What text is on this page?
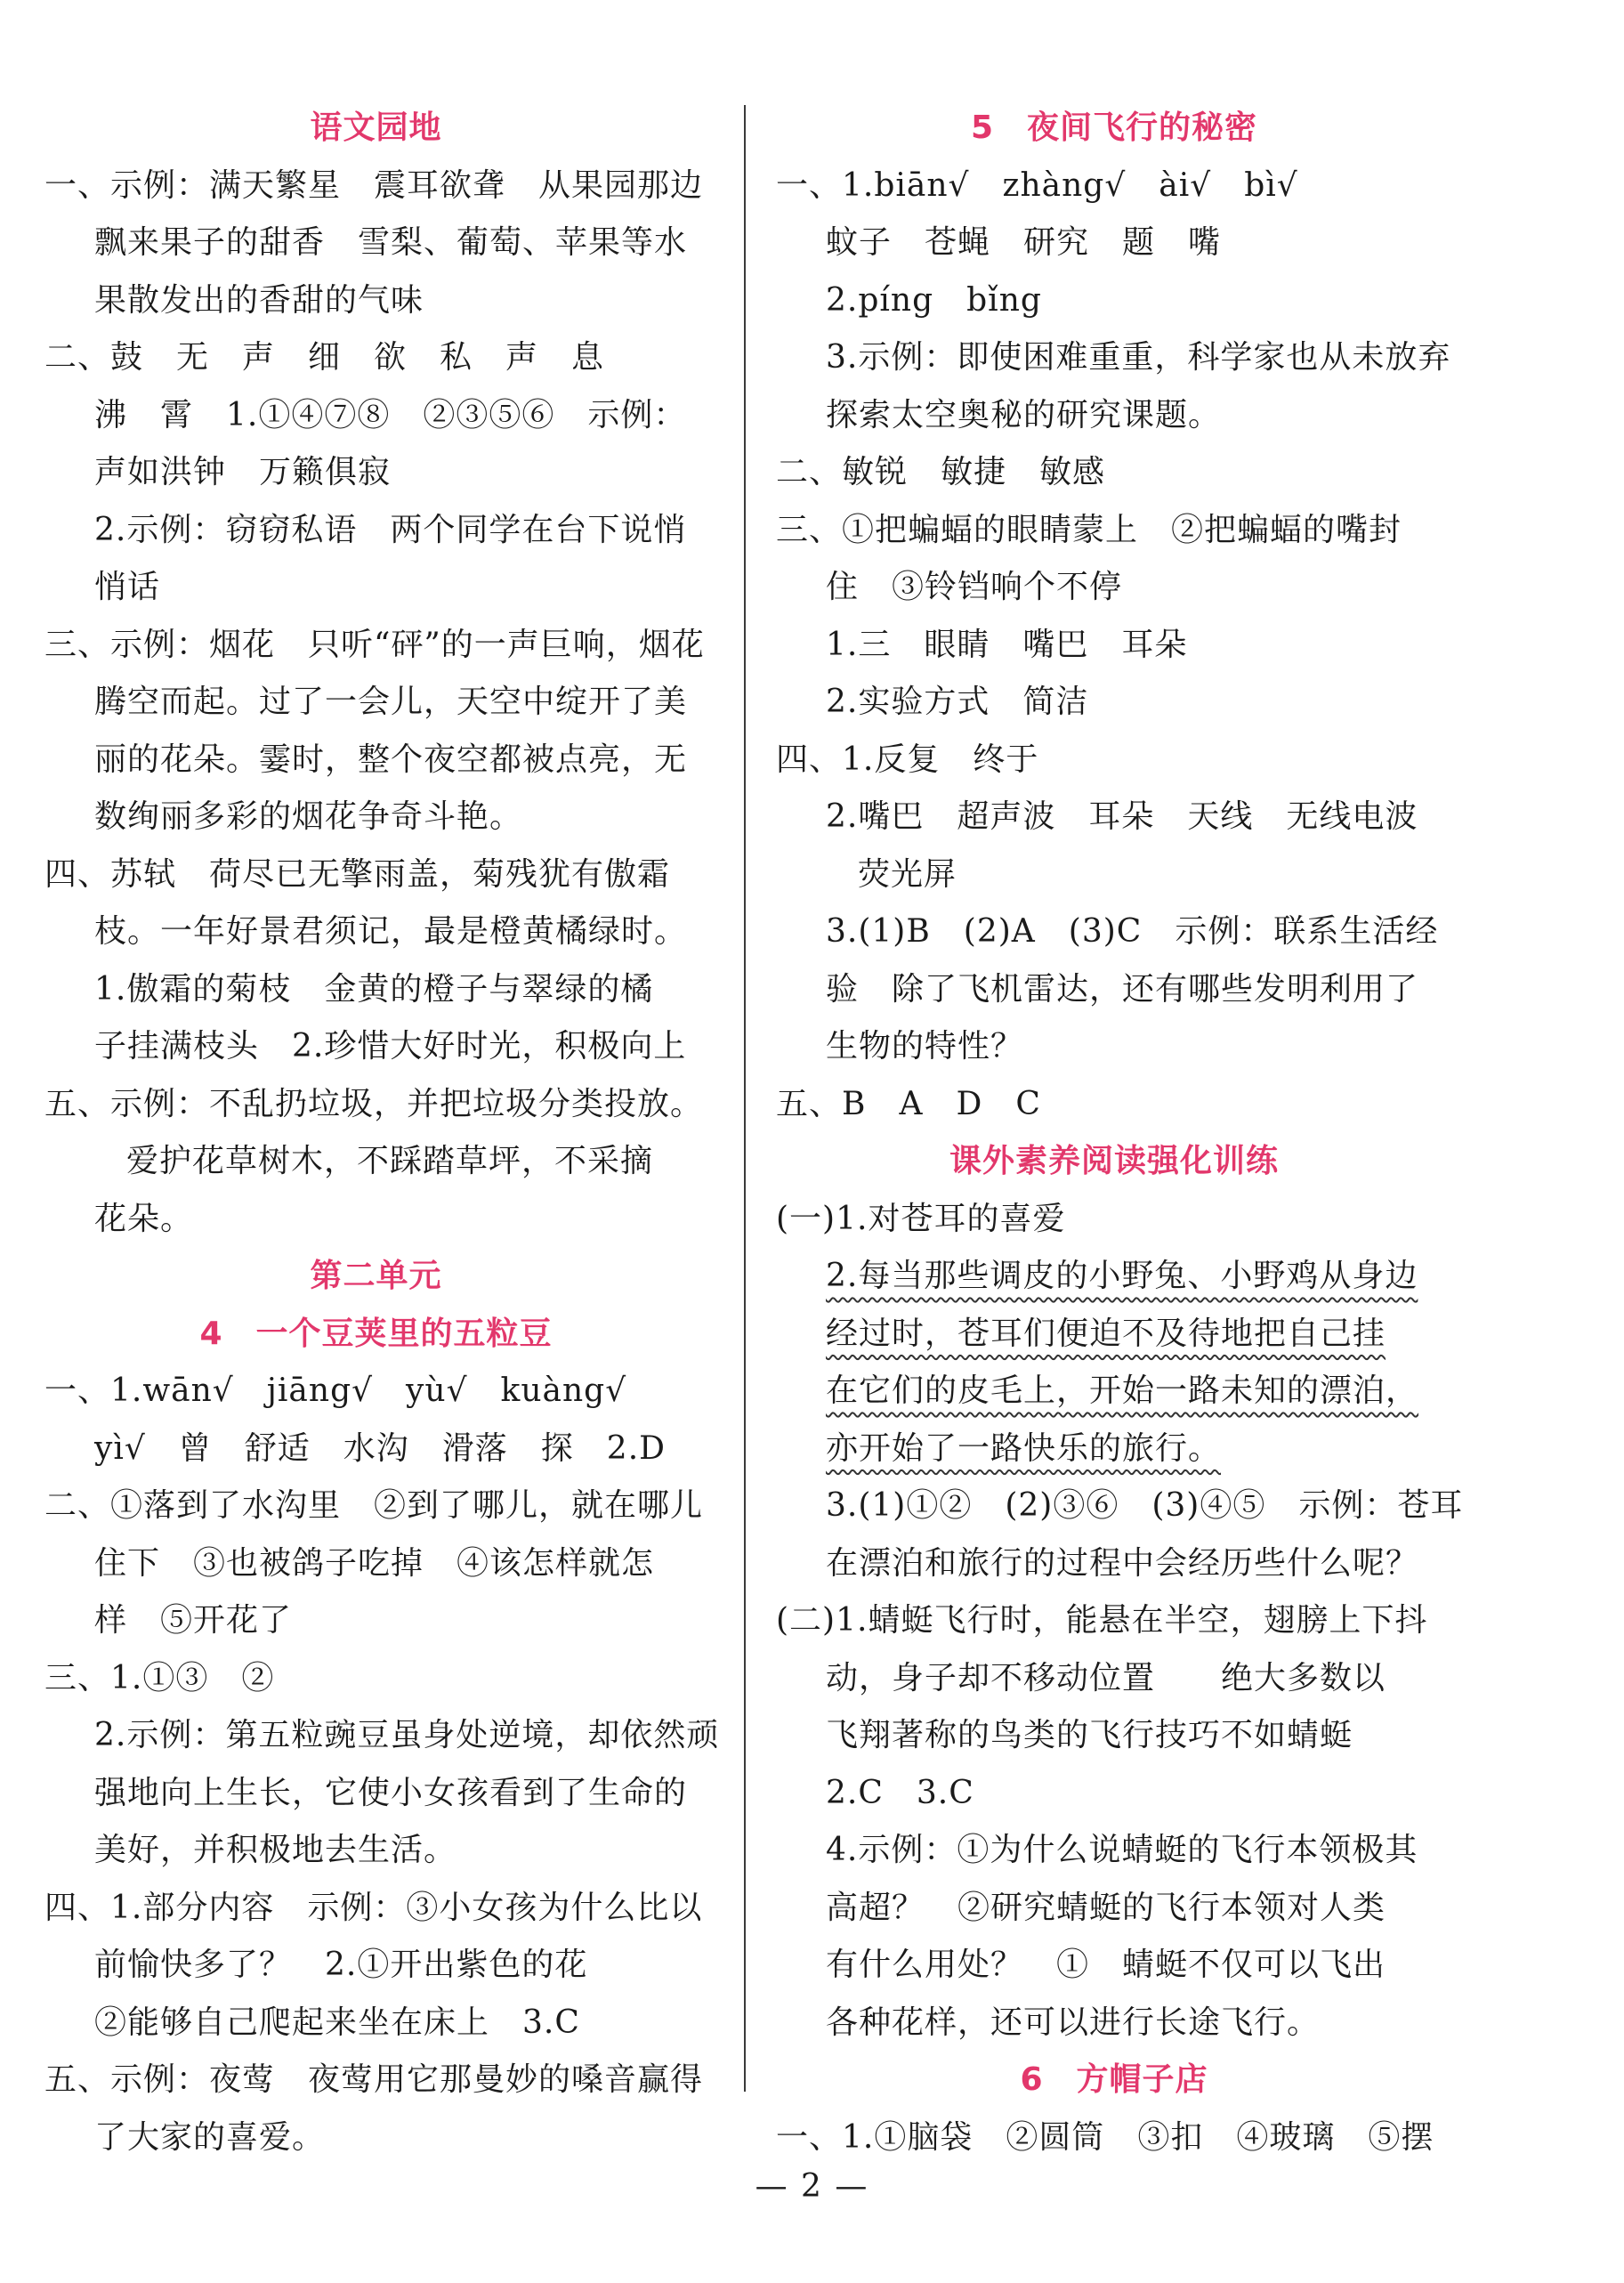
语文园地
一、示例：满天繁星　震耳欲聋　从果园那边
飘来果子的甜香　雪梨、葡萄、苹果等水
果散发出的香甜的气味
二、鼓　无　声　细　欲　私　声　息
沸　霄　1.①④⑦⑧　②③⑤⑥　示例：
声如洪钟　万籁俱寂
2.示例：窃窃私语　两个同学在台下说悄
悄话
三、示例：烟花　只听“砰”的一声巨响，烟花
腾空而起。过了一会儿，天空中绽开了美
丽的花朵。霎时，整个夜空都被点亮，无
数绚丽多彩的烟花争奇斗艳。
四、苏轼　荷尽已无擎雨盖，菊残犹有傲霜
枝。一年好景君须记，最是橙黄橘绿时。
1.傲霜的菊枝　金黄的橙子与翠绿的橘
子挂满枝头　2.珍惜大好时光，积极向上
五、示例：不乱扔垃圾，并把垃圾分类投放。
爱护花草树木，不踩踏草坪，不采摘
花朵。
第二单元
4　一个豆荚里的五粒豆
一、1.wān√　jiāng√　yù√　kuàng√
yì√　曾　舒适　水沟　滑落　探　2.D
二、①落到了水沟里　②到了哪儿，就在哪儿
住下　③也被鸽子吃掉　④该怎样就怎
样　⑤开花了
三、1.①③　②
2.示例：第五粒豌豆虽身处逆境，却依然顽
强地向上生长，它使小女孩看到了生命的
美好，并积极地去生活。
四、1.部分内容　示例：③小女孩为什么比以
前愉快多了？　2.①开出紫色的花
②能够自己爬起来坐在床上　3.C
五、示例：夜莺　夜莺用它那曼妙的嗓音赢得
了大家的喜爱。
5　夜间飞行的秘密
一、1.biān√　zhàng√　ài√　bì√
蚊子　苍蝇　研究　题　嘴
2.píng　bǐng
3.示例：即使困难重重，科学家也从未放弃
探索太空奥秘的研究课题。
二、敏锐　敏捷　敏感
三、①把蝙蝠的眼睛蒙上　②把蝙蝠的嘴封
住　③铃铛响个不停
1.三　眼睛　嘴巴　耳朵
2.实验方式　简洁
四、1.反复　终于
2.嘴巴　超声波　耳朵　天线　无线电波
荧光屏
3.(1)B　(2)A　(3)C　示例：联系生活经
验　除了飞机雷达，还有哪些发明利用了
生物的特性？
五、B　A　D　C
课外素养阅读强化训练
(一)1.对苍耳的喜爱
2.每当那些调皮的小野兔、小野鸡从身边
经过时，苍耳们便迫不及待地把自己挂
在它们的皮毛上，开始一路未知的漂泊，
亦开始了一路快乐的旅行。
3.(1)①②　(2)③⑥　(3)④⑤　示例：苍耳
在漂泊和旅行的过程中会经历些什么呢？
(二)1.蜻蜓飞行时，能悬在半空，翅膀上下抖
动，身子却不移动位置　　绝大多数以
飞翔著称的鸟类的飞行技巧不如蜻蜓
2.C　3.C
4.示例：①为什么说蜻蜓的飞行本领极其
高超？　②研究蜻蜓的飞行本领对人类
有什么用处？　①　蜻蜓不仅可以飞出
各种花样，还可以进行长途飞行。
6　方帽子店
一、1.①脑袋　②圆筒　③扣　④玻璃　⑤摆
— 2 —
